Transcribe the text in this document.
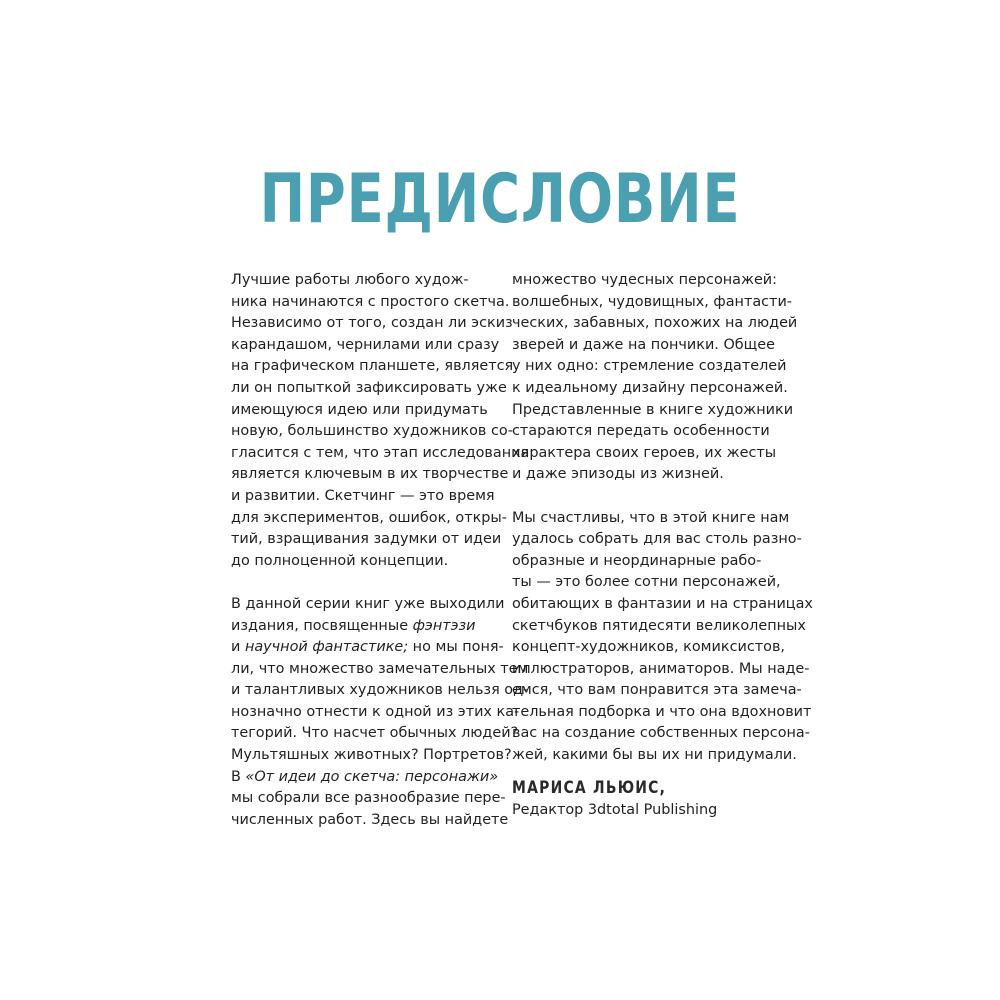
ПРЕДИСЛОВИЕ
Лучшие работы любого худож-
ника начинаются с простого скетча.
Независимо от того, создан ли эскиз
карандашом, чернилами или сразу
на графическом планшете, является
ли он попыткой зафиксировать уже
имеющуюся идею или придумать
новую, большинство художников со-
гласится с тем, что этап исследования
является ключевым в их творчестве
и развитии. Скетчинг — это время
для экспериментов, ошибок, откры-
тий, взращивания задумки от идеи
до полноценной концепции.
В данной серии книг уже выходили
издания, посвященные фэнтэзи
и научной фантастике; но мы поня-
ли, что множество замечательных тем
и талантливых художников нельзя од-
нозначно отнести к одной из этих ка-
тегорий. Что насчет обычных людей?
Мультяшных животных? Портретов?
В «От идеи до скетча: персонажи»
мы собрали все разнообразие пере-
численных работ. Здесь вы найдете
множество чудесных персонажей:
волшебных, чудовищных, фантасти-
ческих, забавных, похожих на людей
зверей и даже на пончики. Общее
у них одно: стремление создателей
к идеальному дизайну персонажей.
Представленные в книге художники
стараются передать особенности
характера своих героев, их жесты
и даже эпизоды из жизней.
Мы счастливы, что в этой книге нам
удалось собрать для вас столь разно-
образные и неординарные рабо-
ты — это более сотни персонажей,
обитающих в фантазии и на страницах
скетчбуков пятидесяти великолепных
концепт-художников, комиксистов,
иллюстраторов, аниматоров. Мы наде-
емся, что вам понравится эта замеча-
тельная подборка и что она вдохновит
вас на создание собственных персона-
жей, какими бы вы их ни придумали.
МАРИСА ЛЬЮИС,
Редактор 3dtotal Publishing
